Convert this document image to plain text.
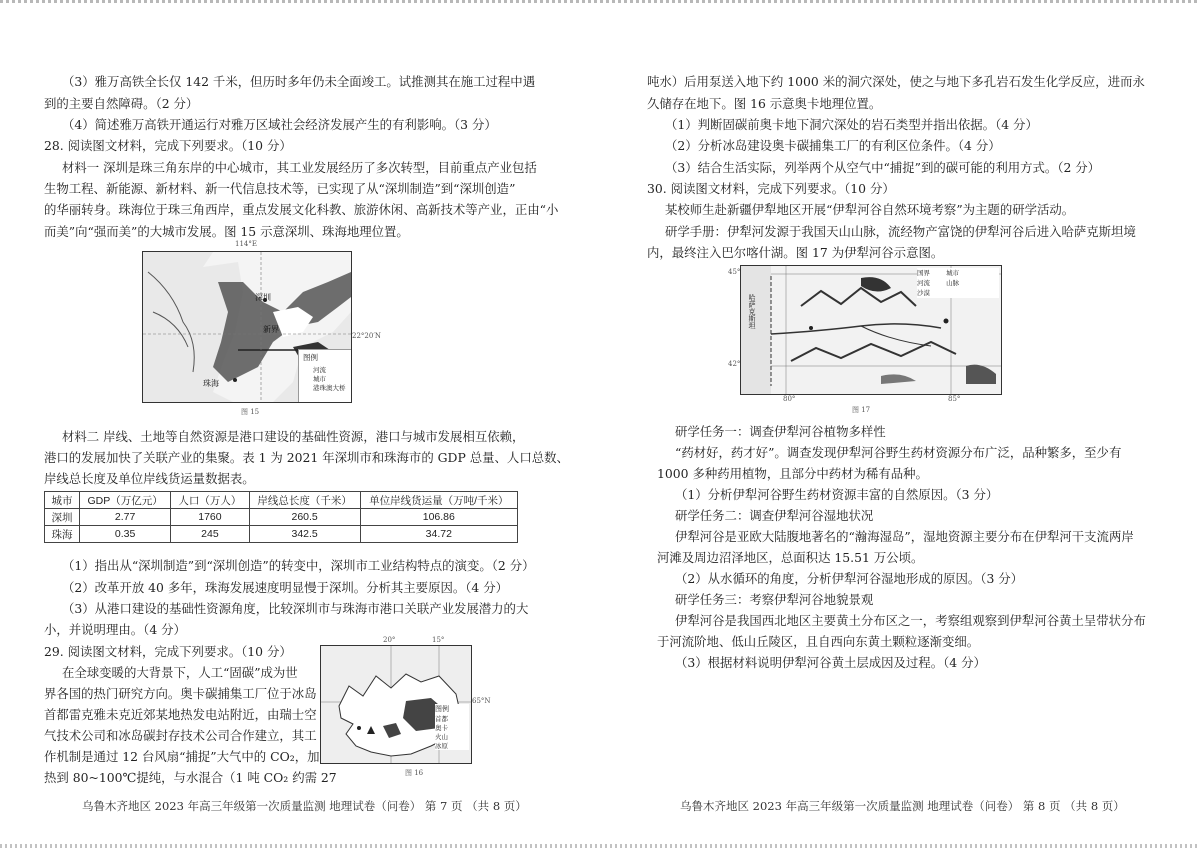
（3）雅万高铁全长仅 142 千米，但历时多年仍未全面竣工。试推测其在施工过程中遇

到的主要自然障碍。（2 分）

（4）简述雅万高铁开通运行对雅万区域社会经济发展产生的有利影响。（3 分）

28. 阅读图文材料，完成下列要求。（10 分）

材料一 深圳是珠三角东岸的中心城市，其工业发展经历了多次转型，目前重点产业包括

生物工程、新能源、新材料、新一代信息技术等，已实现了从“深圳制造”到“深圳创造”

的华丽转身。珠海位于珠三角西岸，重点发展文化科教、旅游休闲、高新技术等产业，正由“小

而美”向“强而美”的大城市发展。图 15 示意深圳、珠海地理位置。

深圳
新界
珠海
图例
河流
城市
港珠澳大桥
114°E
22°20′N
图 15

材料二 岸线、土地等自然资源是港口建设的基础性资源，港口与城市发展相互依赖，

港口的发展加快了关联产业的集聚。表 1 为 2021 年深圳市和珠海市的 GDP 总量、人口总数、

岸线总长度及单位岸线货运量数据表。

城市	GDP（万亿元）	人口（万人）	岸线总长度（千米）	单位岸线货运量（万吨/千米）
深圳	2.77	1760	260.5	106.86
珠海	0.35	245	342.5	34.72

（1）指出从“深圳制造”到“深圳创造”的转变中，深圳市工业结构特点的演变。（2 分）

（2）改革开放 40 多年，珠海发展速度明显慢于深圳。分析其主要原因。（4 分）

（3）从港口建设的基础性资源角度，比较深圳市与珠海市港口关联产业发展潜力的大

小，并说明理由。（4 分）

29. 阅读图文材料，完成下列要求。（10 分）

在全球变暖的大背景下，人工“固碳”成为世

界各国的热门研究方向。奥卡碳捕集工厂位于冰岛

首都雷克雅未克近郊某地热发电站附近，由瑞士空

气技术公司和冰岛碳封存技术公司合作建立，其工

作机制是通过 12 台风扇“捕捉”大气中的 CO₂，加

热到 80~100℃提纯，与水混合（1 吨 CO₂ 约需 27

图例
首都
奥卡
火山
冰原
20°	15°
65°N
图 16
乌鲁木齐地区 2023 年高三年级第一次质量监测 地理试卷（问卷） 第 7 页 （共 8 页）

吨水）后用泵送入地下约 1000 米的洞穴深处，使之与地下多孔岩石发生化学反应，进而永

久储存在地下。图 16 示意奥卡地理位置。

（1）判断固碳前奥卡地下洞穴深处的岩石类型并指出依据。（4 分）

（2）分析冰岛建设奥卡碳捕集工厂的有利区位条件。（4 分）

（3）结合生活实际，列举两个从空气中“捕捉”到的碳可能的利用方式。（2 分）

30. 阅读图文材料，完成下列要求。（10 分）

某校师生赴新疆伊犁地区开展“伊犁河谷自然环境考察”为主题的研学活动。

研学手册：伊犁河发源于我国天山山脉，流经物产富饶的伊犁河谷后进入哈萨克斯坦境

内，最终注入巴尔喀什湖。图 17 为伊犁河谷示意图。

哈萨克斯坦
国界 城市
河流 山脉
沙漠
45°
42°
80°	85°
图 17

研学任务一：调查伊犁河谷植物多样性

“药材好，药才好”。调查发现伊犁河谷野生药材资源分布广泛，品种繁多，至少有

1000 多种药用植物，且部分中药材为稀有品种。

（1）分析伊犁河谷野生药材资源丰富的自然原因。（3 分）

研学任务二：调查伊犁河谷湿地状况

伊犁河谷是亚欧大陆腹地著名的“瀚海湿岛”，湿地资源主要分布在伊犁河干支流两岸

河滩及周边沼泽地区，总面积达 15.51 万公顷。

（2）从水循环的角度，分析伊犁河谷湿地形成的原因。（3 分）

研学任务三：考察伊犁河谷地貌景观

伊犁河谷是我国西北地区主要黄土分布区之一，考察组观察到伊犁河谷黄土呈带状分布

于河流阶地、低山丘陵区，且自西向东黄土颗粒逐渐变细。

（3）根据材料说明伊犁河谷黄土层成因及过程。（4 分）

乌鲁木齐地区 2023 年高三年级第一次质量监测 地理试卷（问卷） 第 8 页 （共 8 页）
